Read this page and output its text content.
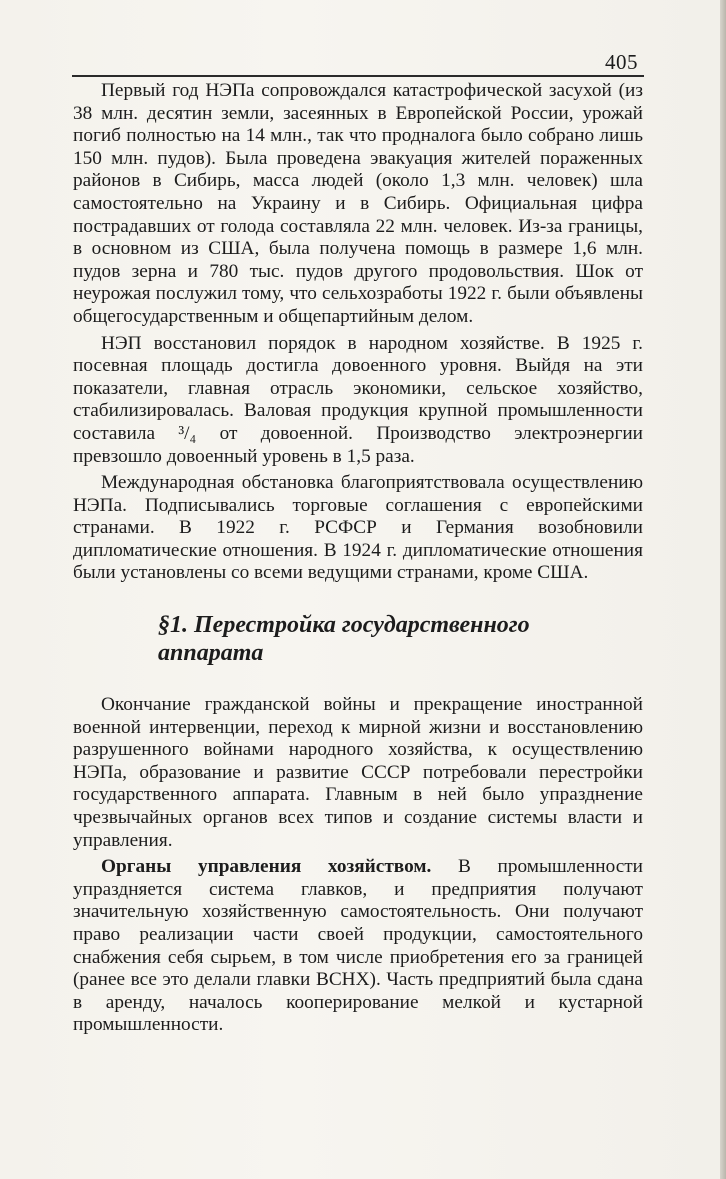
405

Первый год НЭПа сопровождался катастрофической засухой (из 38 млн. десятин земли, засеянных в Европейской России, урожай погиб полностью на 14 млн., так что продналога было собрано лишь 150 млн. пудов). Была проведена эвакуация жителей пораженных районов в Сибирь, масса людей (около 1,3 млн. человек) шла самостоятельно на Украину и в Сибирь. Официальная цифра пострадавших от голода составляла 22 млн. человек. Из-за границы, в основном из США, была получена помощь в размере 1,6 млн. пудов зерна и 780 тыс. пудов другого продовольствия. Шок от неурожая послужил тому, что сельхозработы 1922 г. были объявлены общегосударственным и общепартийным делом.

НЭП восстановил порядок в народном хозяйстве. В 1925 г. посевная площадь достигла довоенного уровня. Выйдя на эти показатели, главная отрасль экономики, сельское хозяйство, стабилизировалась. Валовая продукция крупной промышленности составила ³/₄ от довоенной. Производство электроэнергии превзошло довоенный уровень в 1,5 раза.

Международная обстановка благоприятствовала осуществлению НЭПа. Подписывались торговые соглашения с европейскими странами. В 1922 г. РСФСР и Германия возобновили дипломатические отношения. В 1924 г. дипломатические отношения были установлены со всеми ведущими странами, кроме США.

§1. Перестройка государственного
аппарата

Окончание гражданской войны и прекращение иностранной военной интервенции, переход к мирной жизни и восстановлению разрушенного войнами народного хозяйства, к осуществлению НЭПа, образование и развитие СССР потребовали перестройки государственного аппарата. Главным в ней было упразднение чрезвычайных органов всех типов и создание системы власти и управления.

Органы управления хозяйством. В промышленности упраздняется система главков, и предприятия получают значительную хозяйственную самостоятельность. Они получают право реализации части своей продукции, самостоятельного снабжения себя сырьем, в том числе приобретения его за границей (ранее все это делали главки ВСНХ). Часть предприятий была сдана в аренду, началось кооперирование мелкой и кустарной промышленности.
